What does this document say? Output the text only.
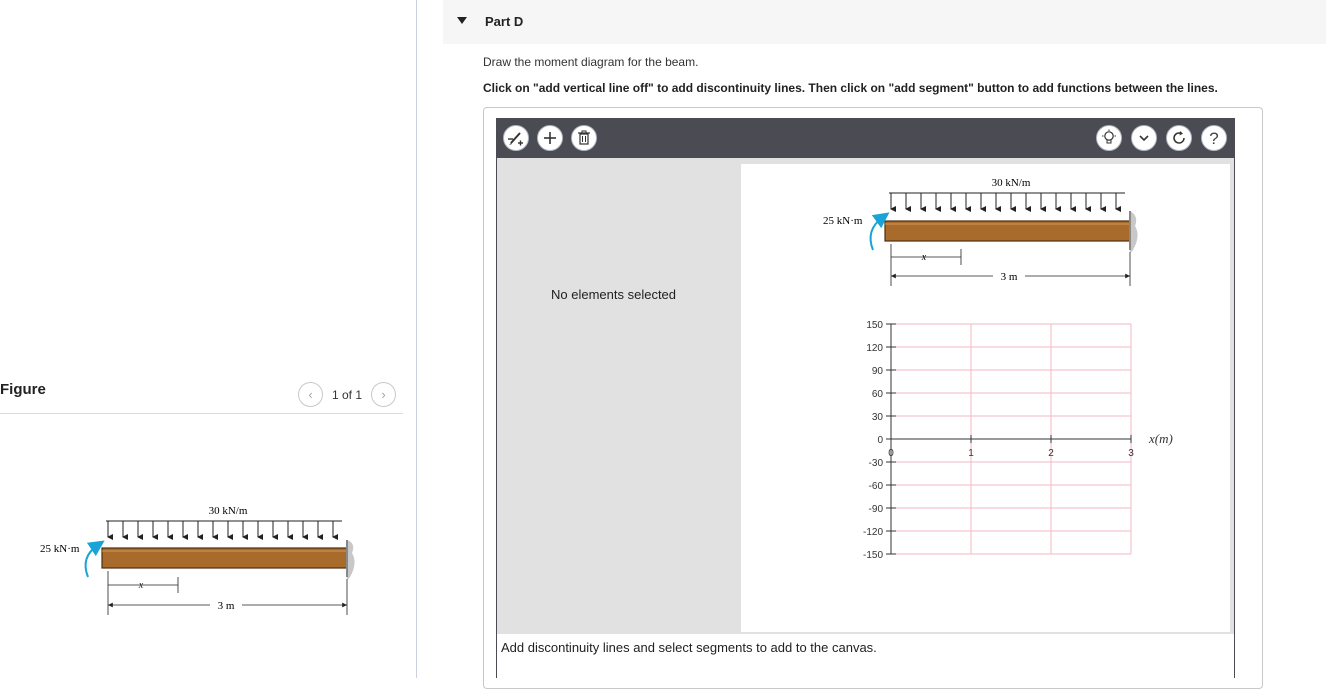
Figure	‹ 1 of 1 ›
30 kN/m
25 kN·m
x
3 m
Part D
Draw the moment diagram for the beam.
Click on "add vertical line off" to add discontinuity lines. Then click on "add segment" button to add functions between the lines.
?
No elements selected
30 kN/m
25 kN·m
x
3 m
150
120
90
60
30
0
-30
-60
-90
-120
-150
0	1	2	3
x(m)
Add discontinuity lines and select segments to add to the canvas.
